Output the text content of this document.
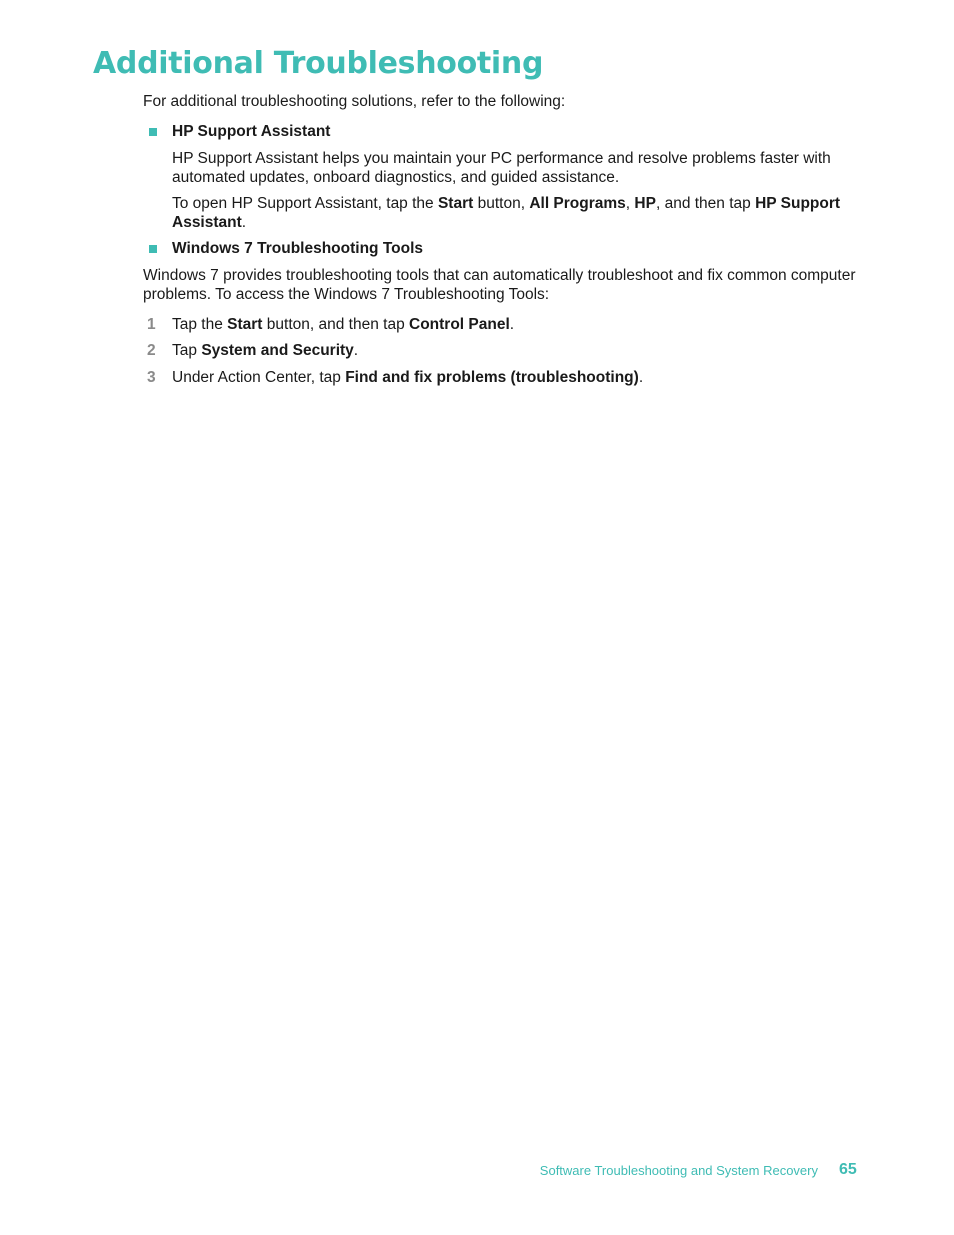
Additional Troubleshooting

For additional troubleshooting solutions, refer to the following:

HP Support Assistant

HP Support Assistant helps you maintain your PC performance and resolve problems faster with
automated updates, onboard diagnostics, and guided assistance.
To open HP Support Assistant, tap the Start button, All Programs, HP, and then tap HP Support
Assistant.

Windows 7 Troubleshooting Tools

Windows 7 provides troubleshooting tools that can automatically troubleshoot and fix common computer
problems. To access the Windows 7 Troubleshooting Tools:
1 Tap the Start button, and then tap Control Panel.

2 Tap System and Security.

3 Under Action Center, tap Find and fix problems (troubleshooting).

Software Troubleshooting and System Recovery 65
